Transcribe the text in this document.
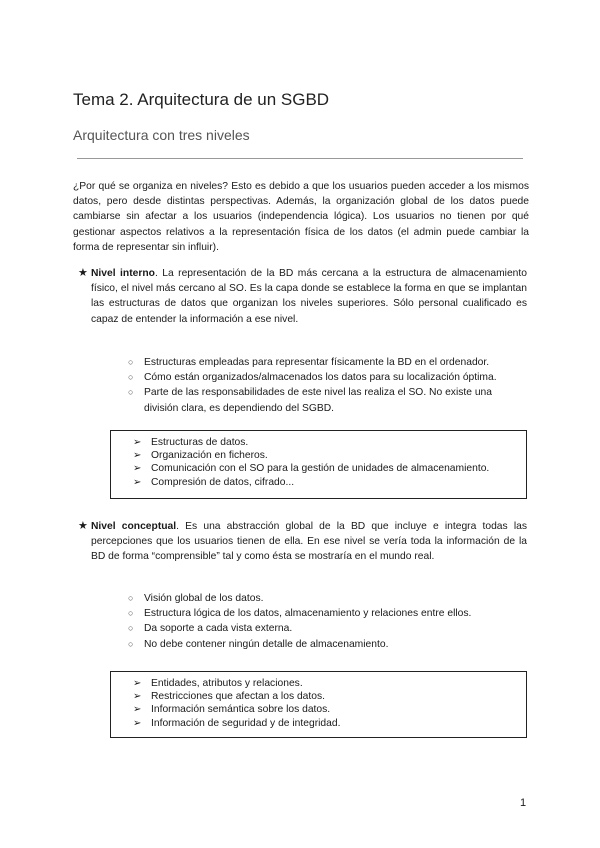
Tema 2. Arquitectura de un SGBD
Arquitectura con tres niveles

¿Por qué se organiza en niveles? Esto es debido a que los usuarios pueden acceder a los mismos datos, pero desde distintas perspectivas. Además, la organización global de los datos puede cambiarse sin afectar a los usuarios (independencia lógica). Los usuarios no tienen por qué gestionar aspectos relativos a la representación física de los datos (el admin puede cambiar la forma de representar sin influir).

★ Nivel interno. La representación de la BD más cercana a la estructura de almacenamiento físico, el nivel más cercano al SO. Es la capa donde se establece la forma en que se implantan las estructuras de datos que organizan los niveles superiores. Sólo personal cualificado es capaz de entender la información a ese nivel.
○ Estructuras empleadas para representar físicamente la BD en el ordenador.
○ Cómo están organizados/almacenados los datos para su localización óptima.
○ Parte de las responsabilidades de este nivel las realiza el SO. No existe una división clara, es dependiendo del SGBD.
➢ Estructuras de datos.
➢ Organización en ficheros.
➢ Comunicación con el SO para la gestión de unidades de almacenamiento.
➢ Compresión de datos, cifrado...
★ Nivel conceptual. Es una abstracción global de la BD que incluye e integra todas las percepciones que los usuarios tienen de ella. En ese nivel se vería toda la información de la BD de forma “comprensible” tal y como ésta se mostraría en el mundo real.
○ Visión global de los datos.
○ Estructura lógica de los datos, almacenamiento y relaciones entre ellos.
○ Da soporte a cada vista externa.
○ No debe contener ningún detalle de almacenamiento.
➢ Entidades, atributos y relaciones.
➢ Restricciones que afectan a los datos.
➢ Información semántica sobre los datos.
➢ Información de seguridad y de integridad.
1
